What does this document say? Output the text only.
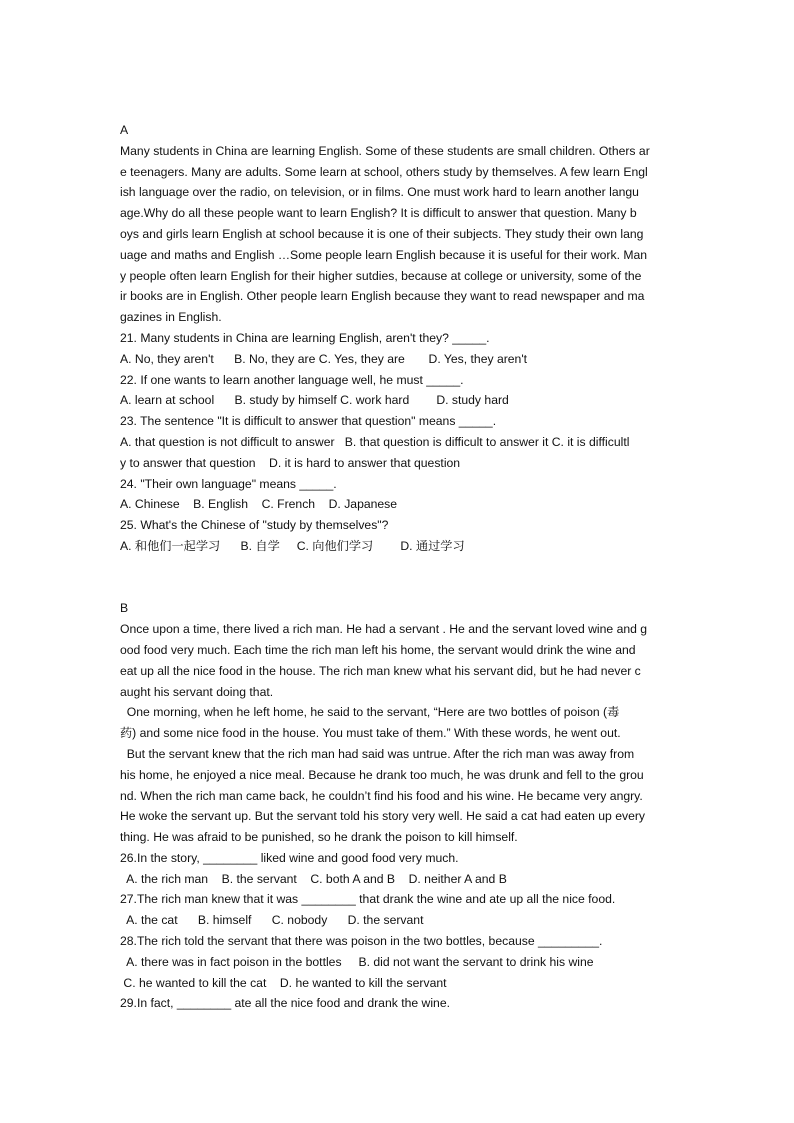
A
Many students in China are learning English. Some of these students are small children. Others ar
e teenagers. Many are adults. Some learn at school, others study by themselves. A few learn Engl
ish language over the radio, on television, or in films. One must work hard to learn another langu
age.Why do all these people want to learn English? It is difficult to answer that question. Many b
oys and girls learn English at school because it is one of their subjects. They study their own lang
uage and maths and English …Some people learn English because it is useful for their work. Man
y people often learn English for their higher sutdies, because at college or university, some of the
ir books are in English. Other people learn English because they want to read newspaper and ma
gazines in English.
21. Many students in China are learning English, aren't they? _____.
A. No, they aren't      B. No, they are C. Yes, they are       D. Yes, they aren't
22. If one wants to learn another language well, he must _____.
A. learn at school      B. study by himself C. work hard        D. study hard
23. The sentence "It is difficult to answer that question" means _____.
A. that question is not difficult to answer   B. that question is difficult to answer it C. it is difficultl
y to answer that question    D. it is hard to answer that question
24. "Their own language" means _____.
A. Chinese    B. English    C. French    D. Japanese
25. What's the Chinese of "study by themselves"?
A. 和他们一起学习      B. 自学     C. 向他们学习        D. 通过学习
B
Once upon a time, there lived a rich man. He had a servant . He and the servant loved wine and g
ood food very much. Each time the rich man left his home, the servant would drink the wine and
eat up all the nice food in the house. The rich man knew what his servant did, but he had never c
aught his servant doing that.
One morning, when he left home, he said to the servant, “Here are two bottles of poison (毒
药) and some nice food in the house. You must take of them.” With these words, he went out.
But the servant knew that the rich man had said was untrue. After the rich man was away from
his home, he enjoyed a nice meal. Because he drank too much, he was drunk and fell to the grou
nd. When the rich man came back, he couldn’t find his food and his wine. He became very angry.
He woke the servant up. But the servant told his story very well. He said a cat had eaten up every
thing. He was afraid to be punished, so he drank the poison to kill himself.
26.In the story, ________ liked wine and good food very much.
A. the rich man    B. the servant    C. both A and B    D. neither A and B
27.The rich man knew that it was ________ that drank the wine and ate up all the nice food.
A. the cat      B. himself      C. nobody      D. the servant
28.The rich told the servant that there was poison in the two bottles, because _________.
A. there was in fact poison in the bottles     B. did not want the servant to drink his wine
C. he wanted to kill the cat    D. he wanted to kill the servant
29.In fact, ________ ate all the nice food and drank the wine.
